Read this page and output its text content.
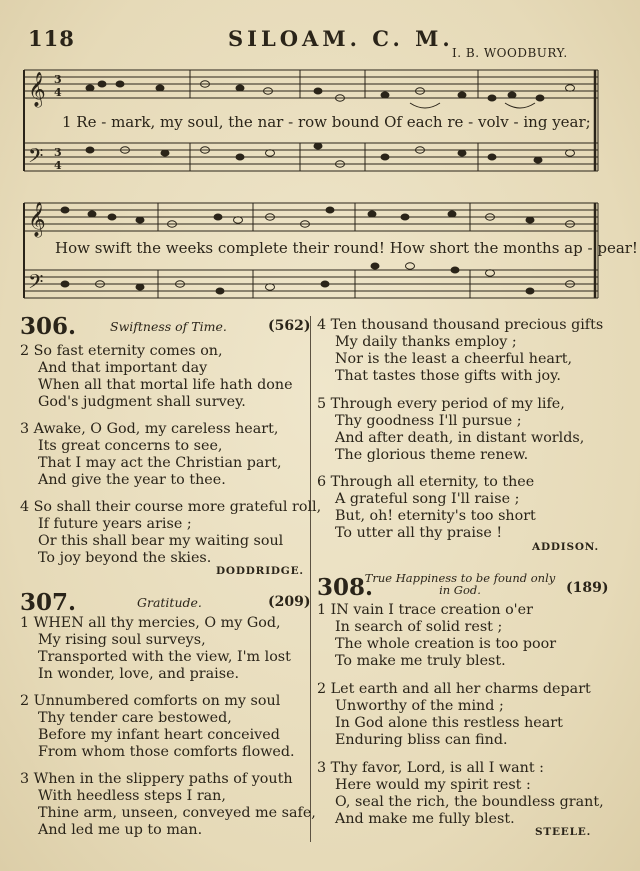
118	SILOAM. C. M.
I. B. WOODBURY.
𝄞
𝄢
𝄞
𝄢
3
4
3
4
1 Re - mark, my soul, the nar - row bound Of each re - volv - ing year;
How swift the weeks complete their round! How short the months ap - pear!
306.	Swiftness of Time.	(562)
2 So fast eternity comes on,
And that important day
When all that mortal life hath done
God's judgment shall survey.
3 Awake, O God, my careless heart,
Its great concerns to see,
That I may act the Christian part,
And give the year to thee.
4 So shall their course more grateful roll,
If future years arise ;
Or this shall bear my waiting soul
To joy beyond the skies.
DODDRIDGE.
4 Ten thousand thousand precious gifts
My daily thanks employ ;
Nor is the least a cheerful heart,
That tastes those gifts with joy.
5 Through every period of my life,
Thy goodness I'll pursue ;
And after death, in distant worlds,
The glorious theme renew.
6 Through all eternity, to thee
A grateful song I'll raise ;
But, oh! eternity's too short
To utter all thy praise !
307.	Gratitude.	(209)
1 WHEN all thy mercies, O my God,
My rising soul surveys,
Transported with the view, I'm lost
In wonder, love, and praise.
2 Unnumbered comforts on my soul
Thy tender care bestowed,
Before my infant heart conceived
From whom those comforts flowed.
3 When in the slippery paths of youth
With heedless steps I ran,
Thine arm, unseen, conveyed me safe,
And led me up to man.
ADDISON.
308.
True Happiness to be found only
in God.	(189)
1 IN vain I trace creation o'er
In search of solid rest ;
The whole creation is too poor
To make me truly blest.
2 Let earth and all her charms depart
Unworthy of the mind ;
In God alone this restless heart
Enduring bliss can find.
3 Thy favor, Lord, is all I want :
Here would my spirit rest :
O, seal the rich, the boundless grant,
And make me fully blest.
STEELE.
